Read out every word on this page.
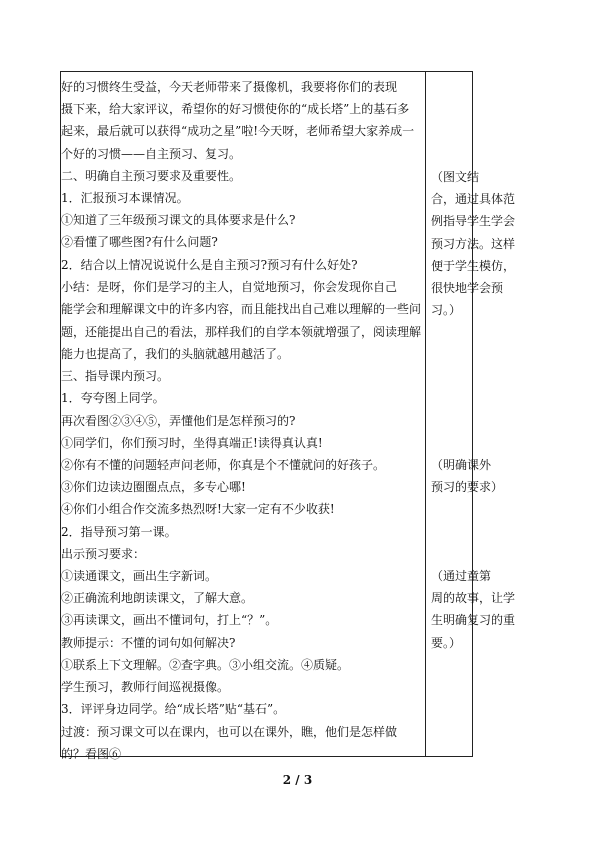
好的习惯终生受益，今天老师带来了摄像机，我要将你们的表现
摄下来，给大家评议，希望你的好习惯使你的“成长塔”上的基石多
起来，最后就可以获得“成功之星”啦!今天呀，老师希望大家养成一
个好的习惯——自主预习、复习。
二、明确自主预习要求及重要性。
1．汇报预习本课情况。
①知道了三年级预习课文的具体要求是什么?
②看懂了哪些图?有什么问题?
2．结合以上情况说说什么是自主预习?预习有什么好处?
小结：是呀，你们是学习的主人，自觉地预习，你会发现你自己
能学会和理解课文中的许多内容，而且能找出自己难以理解的一些问
题，还能提出自己的看法，那样我们的自学本领就增强了，阅读理解
能力也提高了，我们的头脑就越用越活了。
三、指导课内预习。
1．夸夸图上同学。
再次看图②③④⑤，弄懂他们是怎样预习的?
①同学们，你们预习时，坐得真端正!读得真认真!
②你有不懂的问题轻声问老师，你真是个不懂就问的好孩子。
③你们边读边圈圈点点，多专心哪!
④你们小组合作交流多热烈呀!大家一定有不少收获!
2．指导预习第一课。
出示预习要求：
①读通课文，画出生字新词。
②正确流利地朗读课文，了解大意。
③再读课文，画出不懂词句，打上“？”。
教师提示：不懂的词句如何解决?
①联系上下文理解。②查字典。③小组交流。④质疑。
学生预习，教师行间巡视摄像。
3．评评身边同学。给“成长塔”贴“基石”。
过渡：预习课文可以在课内，也可以在课外，瞧，他们是怎样做
的？看图⑥
（图文结
合，通过具体范
例指导学生学会
预习方法。这样
便于学生模仿，
很快地学会预
习。）
（明确课外
预习的要求）
（通过童第
周的故事，让学
生明确复习的重
要。）
2 / 3
